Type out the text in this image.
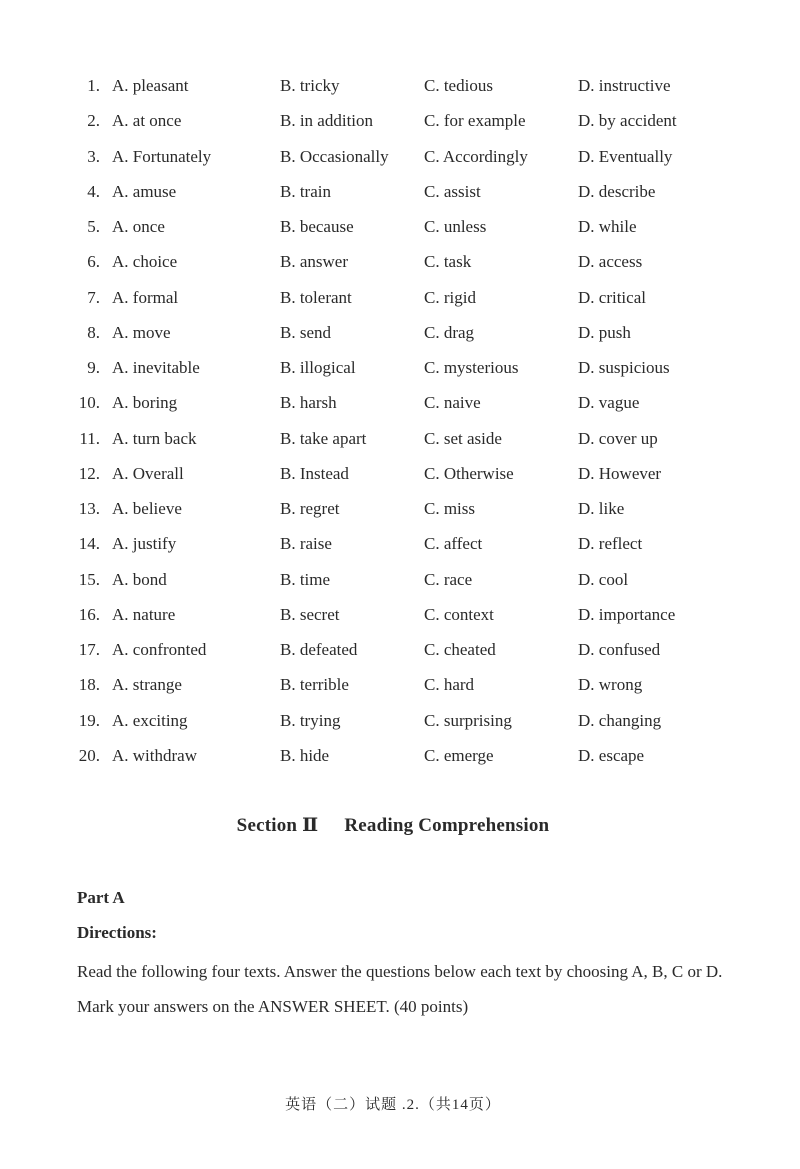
1. A. pleasant	B. tricky	C. tedious	D. instructive
2. A. at once	B. in addition	C. for example	D. by accident
3. A. Fortunately	B. Occasionally C. Accordingly	D. Eventually
4. A. amuse	B. train	C. assist	D. describe
5. A. once	B. because	C. unless	D. while
6. A. choice	B. answer	C. task	D. access
7. A. formal	B. tolerant	C. rigid	D. critical
8. A. move	B. send	C. drag	D. push
9. A. inevitable	B. illogical	C. mysterious	D. suspicious
10. A. boring	B. harsh	C. naive	D. vague
11. A. turn back	B. take apart	C. set aside	D. cover up
12. A. Overall	B. Instead	C. Otherwise	D. However
13. A. believe	B. regret	C. miss	D. like
14. A. justify	B. raise	C. affect	D. reflect
15. A. bond	B. time	C. race	D. cool
16. A. nature	B. secret	C. context	D. importance
17. A. confronted	B. defeated	C. cheated	D. confused
18. A. strange	B. terrible	C. hard	D. wrong
19. A. exciting	B. trying	C. surprising	D. changing
20. A. withdraw	B. hide	C. emerge	D. escape
Section Ⅱ Reading Comprehension
Part A
Directions:
Read the following four texts. Answer the questions below each text by choosing A, B, C or D. Mark your answers on the ANSWER SHEET. (40 points)
英语（二）试题 .2.（共14页）
